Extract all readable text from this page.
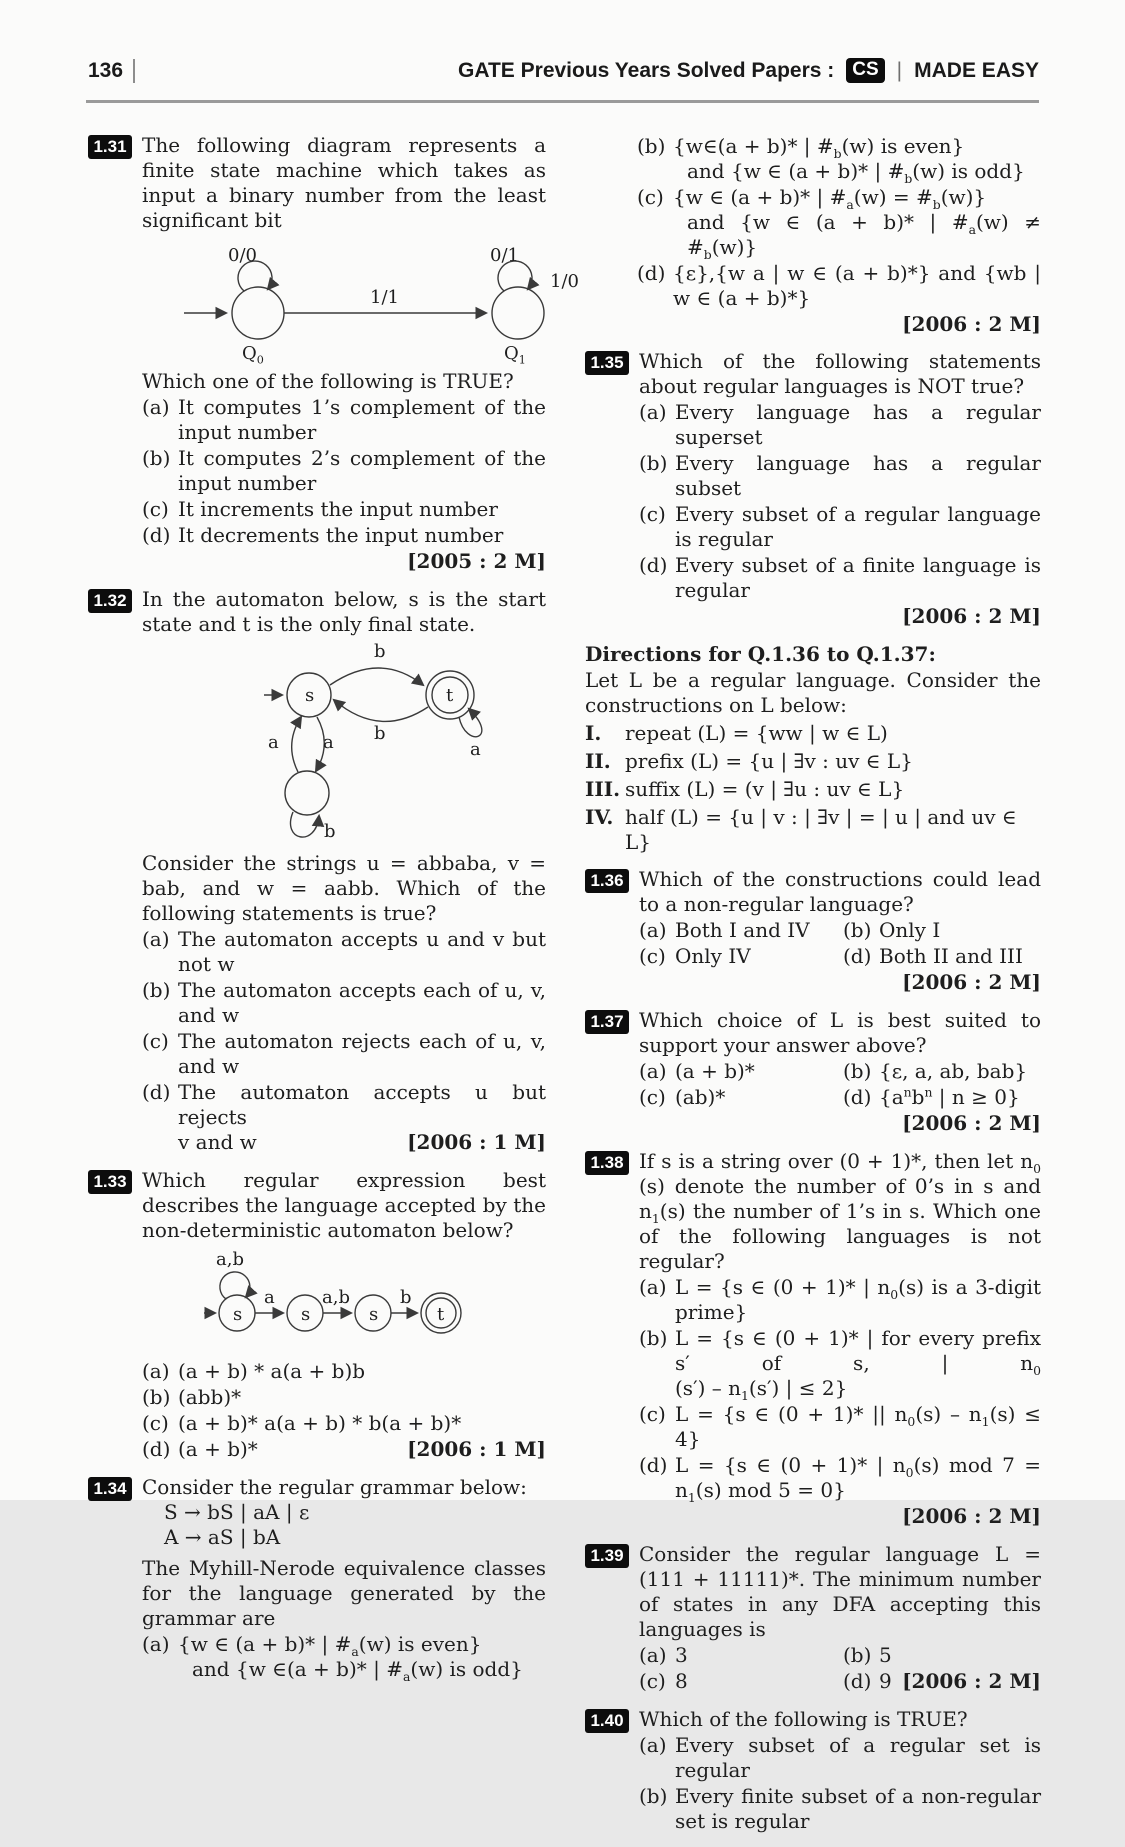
136	GATE Previous Years Solved Papers : CS | MADE EASY
1.31 The following diagram represents a finite state machine which takes as input a binary number from the least significant bit

0/0
1/1
0/1
1/0
$Q_0$	$Q_1$

Which one of the following is TRUE?

(a) It computes 1’s complement of the input number
(b) It computes 2’s complement of the input number
(c) It increments the input number
(d) It decrements the input number
[2005 : 2 M]
1.32 In the automaton below, s is the start state and t is the only final state.

b
b
a a	a
b
s	t

Consider the strings u = abbaba, v = bab, and w = aabb. Which of the following statements is true?

(a) The automaton accepts u and v but not w
(b) The automaton accepts each of u, v, and w
(c) The automaton rejects each of u, v, and w
(d) The automaton accepts u but rejects
v and w	[2006 : 1 M]
1.33 Which regular expression best describes the language accepted by the non-deterministic automaton below?

a,b
a	a,b	b
s	s	s	t
(a) (a + b) * a(a + b)b
(b) (abb)*
(c) (a + b)* a(a + b) * b(a + b)*
(d) (a + b)*	[2006 : 1 M]
1.34 Consider the regular grammar below:

S → bS | aA | ε
A → aS | bA

The Myhill-Nerode equivalence classes for the language generated by the grammar are

(a) {w ∈ (a + b)* | $\#_a(w)$ is even}
and {w ∈(a + b)* | $\#_a(w)$ is odd}
(b) {w∈(a + b)* | $\#_b(w)$ is even}
and {w ∈ (a + b)* | $\#_b(w)$ is odd}
(c) {w ∈ (a + b)* | $\#_a(w)$ = $\#_b(w)$}
and {w ∈ (a + b)* | $\#_a(w)$ ≠ $\#_b(w)$}
(d) {ε},{w a | w ∈ (a + b)*} and {wb | w ∈ (a + b)*}
[2006 : 2 M]
1.35 Which of the following statements about regular languages is NOT true?

(a) Every language has a regular superset
(b) Every language has a regular subset
(c) Every subset of a regular language is regular
(d) Every subset of a finite language is regular
[2006 : 2 M]
Directions for Q.1.36 to Q.1.37:

Let L be a regular language. Consider the constructions on L below:

I.	repeat (L) = {ww | w ∈ L)
II. prefix (L) = {u | ∃v : uv ∈ L}
III. suffix (L) = (v | ∃u : uv ∈ L}
IV. half (L) = {u | v : | ∃v | = | u | and uv ∈ L}
1.36 Which of the constructions could lead to a non-regular language?

(a) Both I and IV	(b) Only I
(c) Only IV	(d) Both II and III
[2006 : 2 M]
1.37 Which choice of L is best suited to support your answer above?

(a) (a + b)*	(b) {ε, a, ab, bab}
(c) (ab)*	(d) {$a^nb^n$ | n ≥ 0}
[2006 : 2 M]
1.38 If s is a string over (0 + 1)*, then let $n_0$ (s) denote the number of 0’s in s and $n_1(s)$ the number of 1’s in s. Which one of the following languages is not regular?

(a) L = {s ∈ (0 + 1)* | $n_0(s)$ is a 3-digit prime}
(b) L = {s ∈ (0 + 1)* | for every prefix s′ of s, | $n_0$
$(s') - n_1(s')$ | ≤ 2}
(c) L = {s ∈ (0 + 1)* || $n_0(s) - n_1(s) \le 4$}
(d) L = {s ∈ (0 + 1)* | $n_0(s)$ mod $7 = n_1(s)$ mod 5 = 0}
[2006 : 2 M]
1.39 Consider the regular language L = (111 + 11111)*. The minimum number of states in any DFA accepting this languages is

(a) 3	(b) 5
(c) 8	(d) 9 [2006 : 2 M]
1.40 Which of the following is TRUE?

(a) Every subset of a regular set is regular
(b) Every finite subset of a non-regular set is regular
